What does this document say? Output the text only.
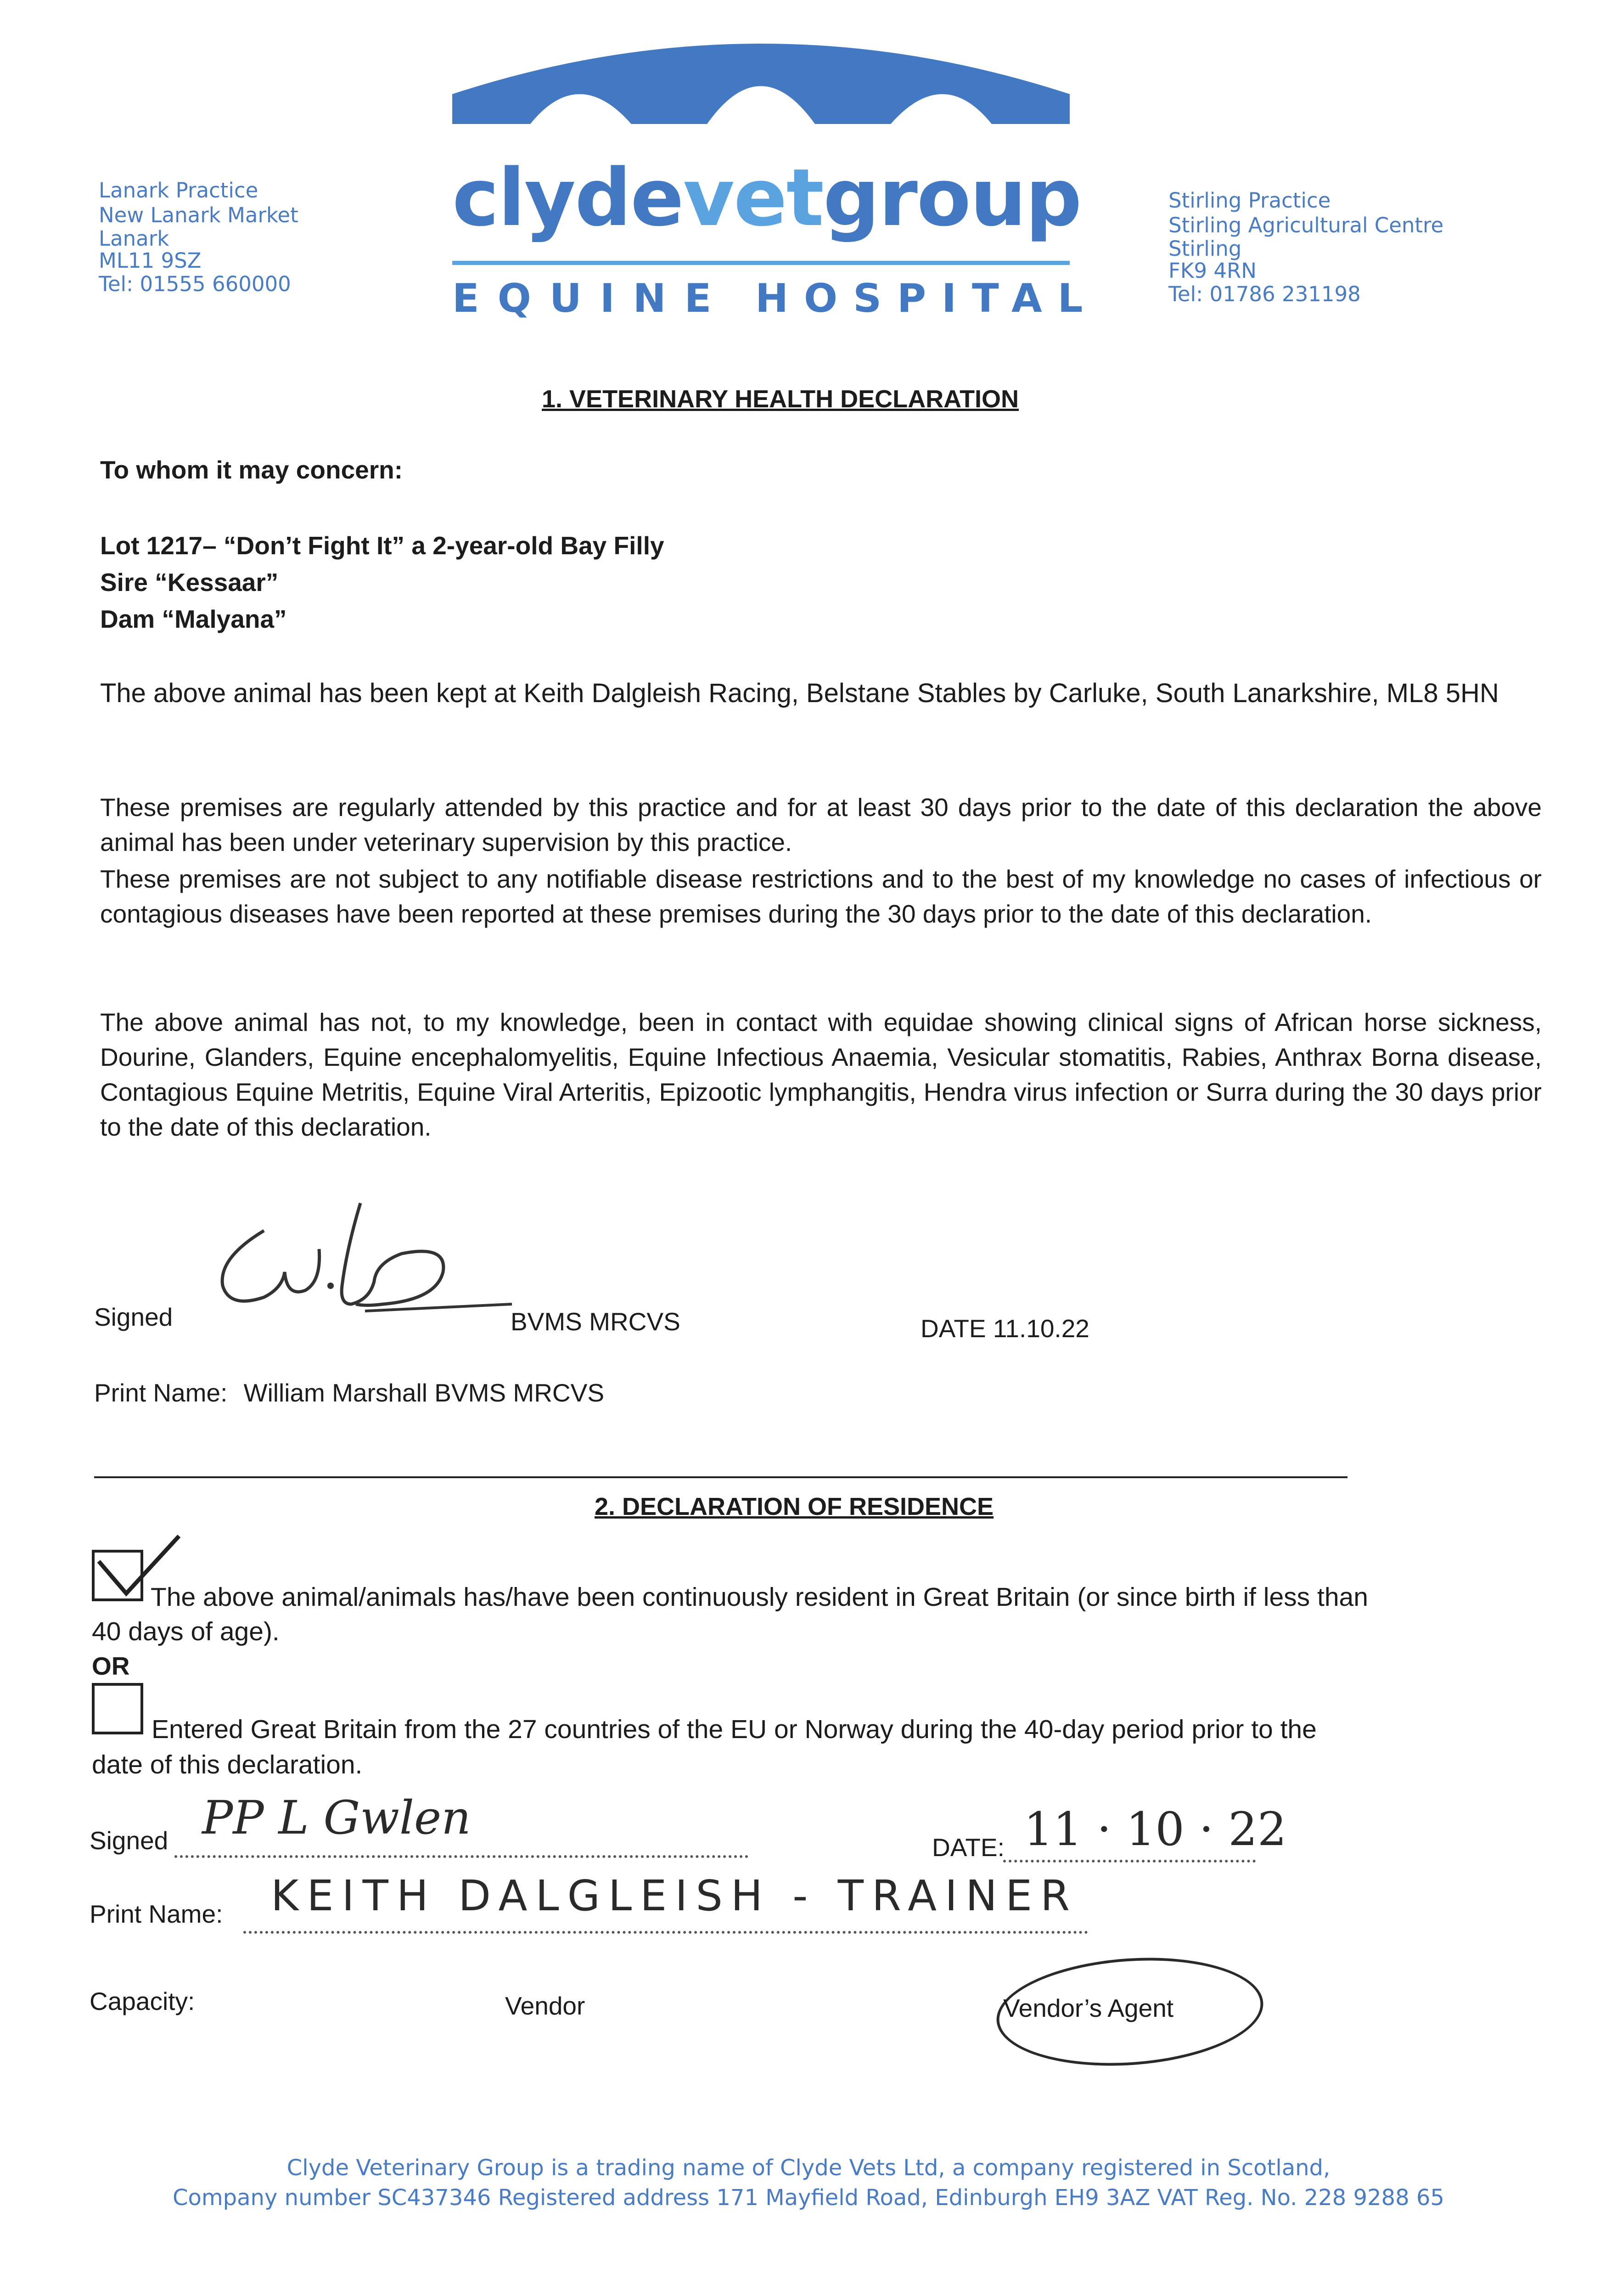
Lanark Practice
New Lanark Market
Lanark
ML11 9SZ
Tel: 01555 660000
clydevetgroup
EQUINE HOSPITAL
Stirling Practice
Stirling Agricultural Centre
Stirling
FK9 4RN
Tel: 01786 231198
1. VETERINARY HEALTH DECLARATION
To whom it may concern:
Lot 1217– “Don’t Fight It” a 2-year-old Bay Filly
Sire “Kessaar”
Dam “Malyana”
The above animal has been kept at Keith Dalgleish Racing, Belstane Stables by Carluke, South Lanarkshire, ML8 5HN
These premises are regularly attended by this practice and for at least 30 days prior to the date of this declaration the above animal has been under veterinary supervision by this practice.
These premises are not subject to any notifiable disease restrictions and to the best of my knowledge no cases of infectious or contagious diseases have been reported at these premises during the 30 days prior to the date of this declaration.
The above animal has not, to my knowledge, been in contact with equidae showing clinical signs of African horse sickness, Dourine, Glanders, Equine encephalomyelitis, Equine Infectious Anaemia, Vesicular stomatitis, Rabies, Anthrax Borna disease, Contagious Equine Metritis, Equine Viral Arteritis, Epizootic lymphangitis, Hendra virus infection or Surra during the 30 days prior to the date of this declaration.
Signed	BVMS MRCVS	DATE 11.10.22
Print Name: William Marshall BVMS MRCVS
2. DECLARATION OF RESIDENCE
The above animal/animals has/have been continuously resident in Great Britain (or since birth if less than
40 days of age).
OR
Entered Great Britain from the 27 countries of the EU or Norway during the 40-day period prior to the
date of this declaration.
Signed PP L Gwlen
DATE: 11 · 10 · 22
Print Name: KEITH DALGLEISH - TRAINER
Capacity:	Vendor	Vendor’s Agent
Clyde Veterinary Group is a trading name of Clyde Vets Ltd, a company registered in Scotland,
Company number SC437346 Registered address 171 Mayfield Road, Edinburgh EH9 3AZ VAT Reg. No. 228 9288 65
